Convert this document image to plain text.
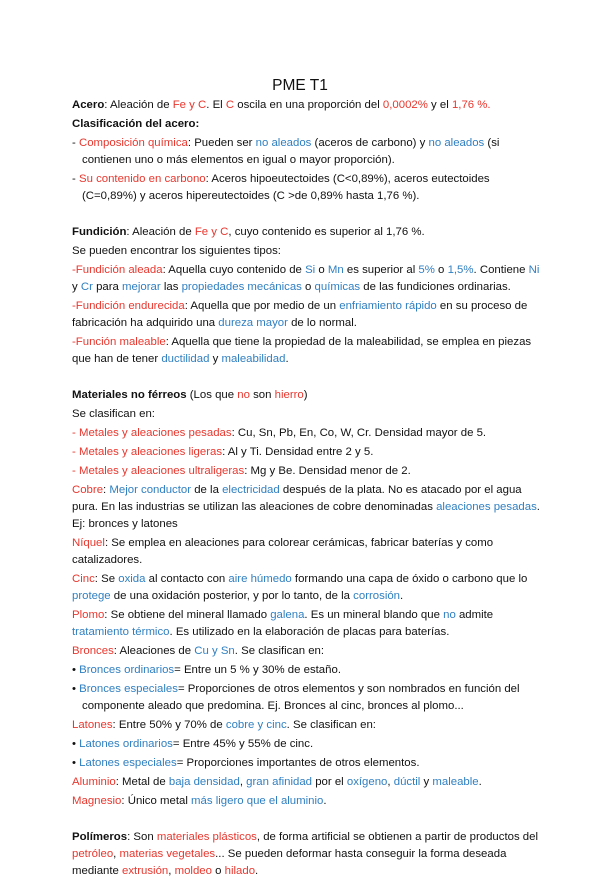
PME T1
Acero: Aleación de Fe y C. El C oscila en una proporción del 0,0002% y el 1,76 %.
Clasificación del acero:
- Composición química: Pueden ser no aleados (aceros de carbono) y no aleados (si contienen uno o más elementos en igual o mayor proporción).
- Su contenido en carbono: Aceros hipoeutectoides (C<0,89%), aceros eutectoides (C=0,89%) y aceros hipereutectoides (C >de 0,89% hasta 1,76 %).
Fundición: Aleación de Fe y C, cuyo contenido es superior al 1,76 %.
Se pueden encontrar los siguientes tipos:
-Fundición aleada: Aquella cuyo contenido de Si o Mn es superior al 5% o 1,5%. Contiene Ni y Cr para mejorar las propiedades mecánicas o químicas de las fundiciones ordinarias.
-Fundición endurecida: Aquella que por medio de un enfriamiento rápido en su proceso de fabricación ha adquirido una dureza mayor de lo normal.
-Función maleable: Aquella que tiene la propiedad de la maleabilidad, se emplea en piezas que han de tener ductilidad y maleabilidad.
Materiales no férreos (Los que no son hierro)
Se clasifican en:
- Metales y aleaciones pesadas: Cu, Sn, Pb, En, Co, W, Cr. Densidad mayor de 5.
- Metales y aleaciones ligeras: Al y Ti. Densidad entre 2 y 5.
- Metales y aleaciones ultraligeras: Mg y Be. Densidad menor de 2.
Cobre: Mejor conductor de la electricidad después de la plata. No es atacado por el agua pura. En las industrias se utilizan las aleaciones de cobre denominadas aleaciones pesadas. Ej: bronces y latones
Níquel: Se emplea en aleaciones para colorear cerámicas, fabricar baterías y como catalizadores.
Cinc: Se oxida al contacto con aire húmedo formando una capa de óxido o carbono que lo protege de una oxidación posterior, y por lo tanto, de la corrosión.
Plomo: Se obtiene del mineral llamado galena. Es un mineral blando que no admite tratamiento térmico. Es utilizado en la elaboración de placas para baterías.
Bronces: Aleaciones de Cu y Sn. Se clasifican en:
• Bronces ordinarios= Entre un 5 % y 30% de estaño.
• Bronces especiales= Proporciones de otros elementos y son nombrados en función del componente aleado que predomina. Ej. Bronces al cinc, bronces al plomo...
Latones: Entre 50% y 70% de cobre y cinc. Se clasifican en:
• Latones ordinarios= Entre 45% y 55% de cinc.
• Latones especiales= Proporciones importantes de otros elementos.
Aluminio: Metal de baja densidad, gran afinidad por el oxígeno, dúctil y maleable.
Magnesio: Único metal más ligero que el aluminio.
Polímeros: Son materiales plásticos, de forma artificial se obtienen a partir de productos del petróleo, materias vegetales... Se pueden deformar hasta conseguir la forma deseada mediante extrusión, moldeo o hilado.
